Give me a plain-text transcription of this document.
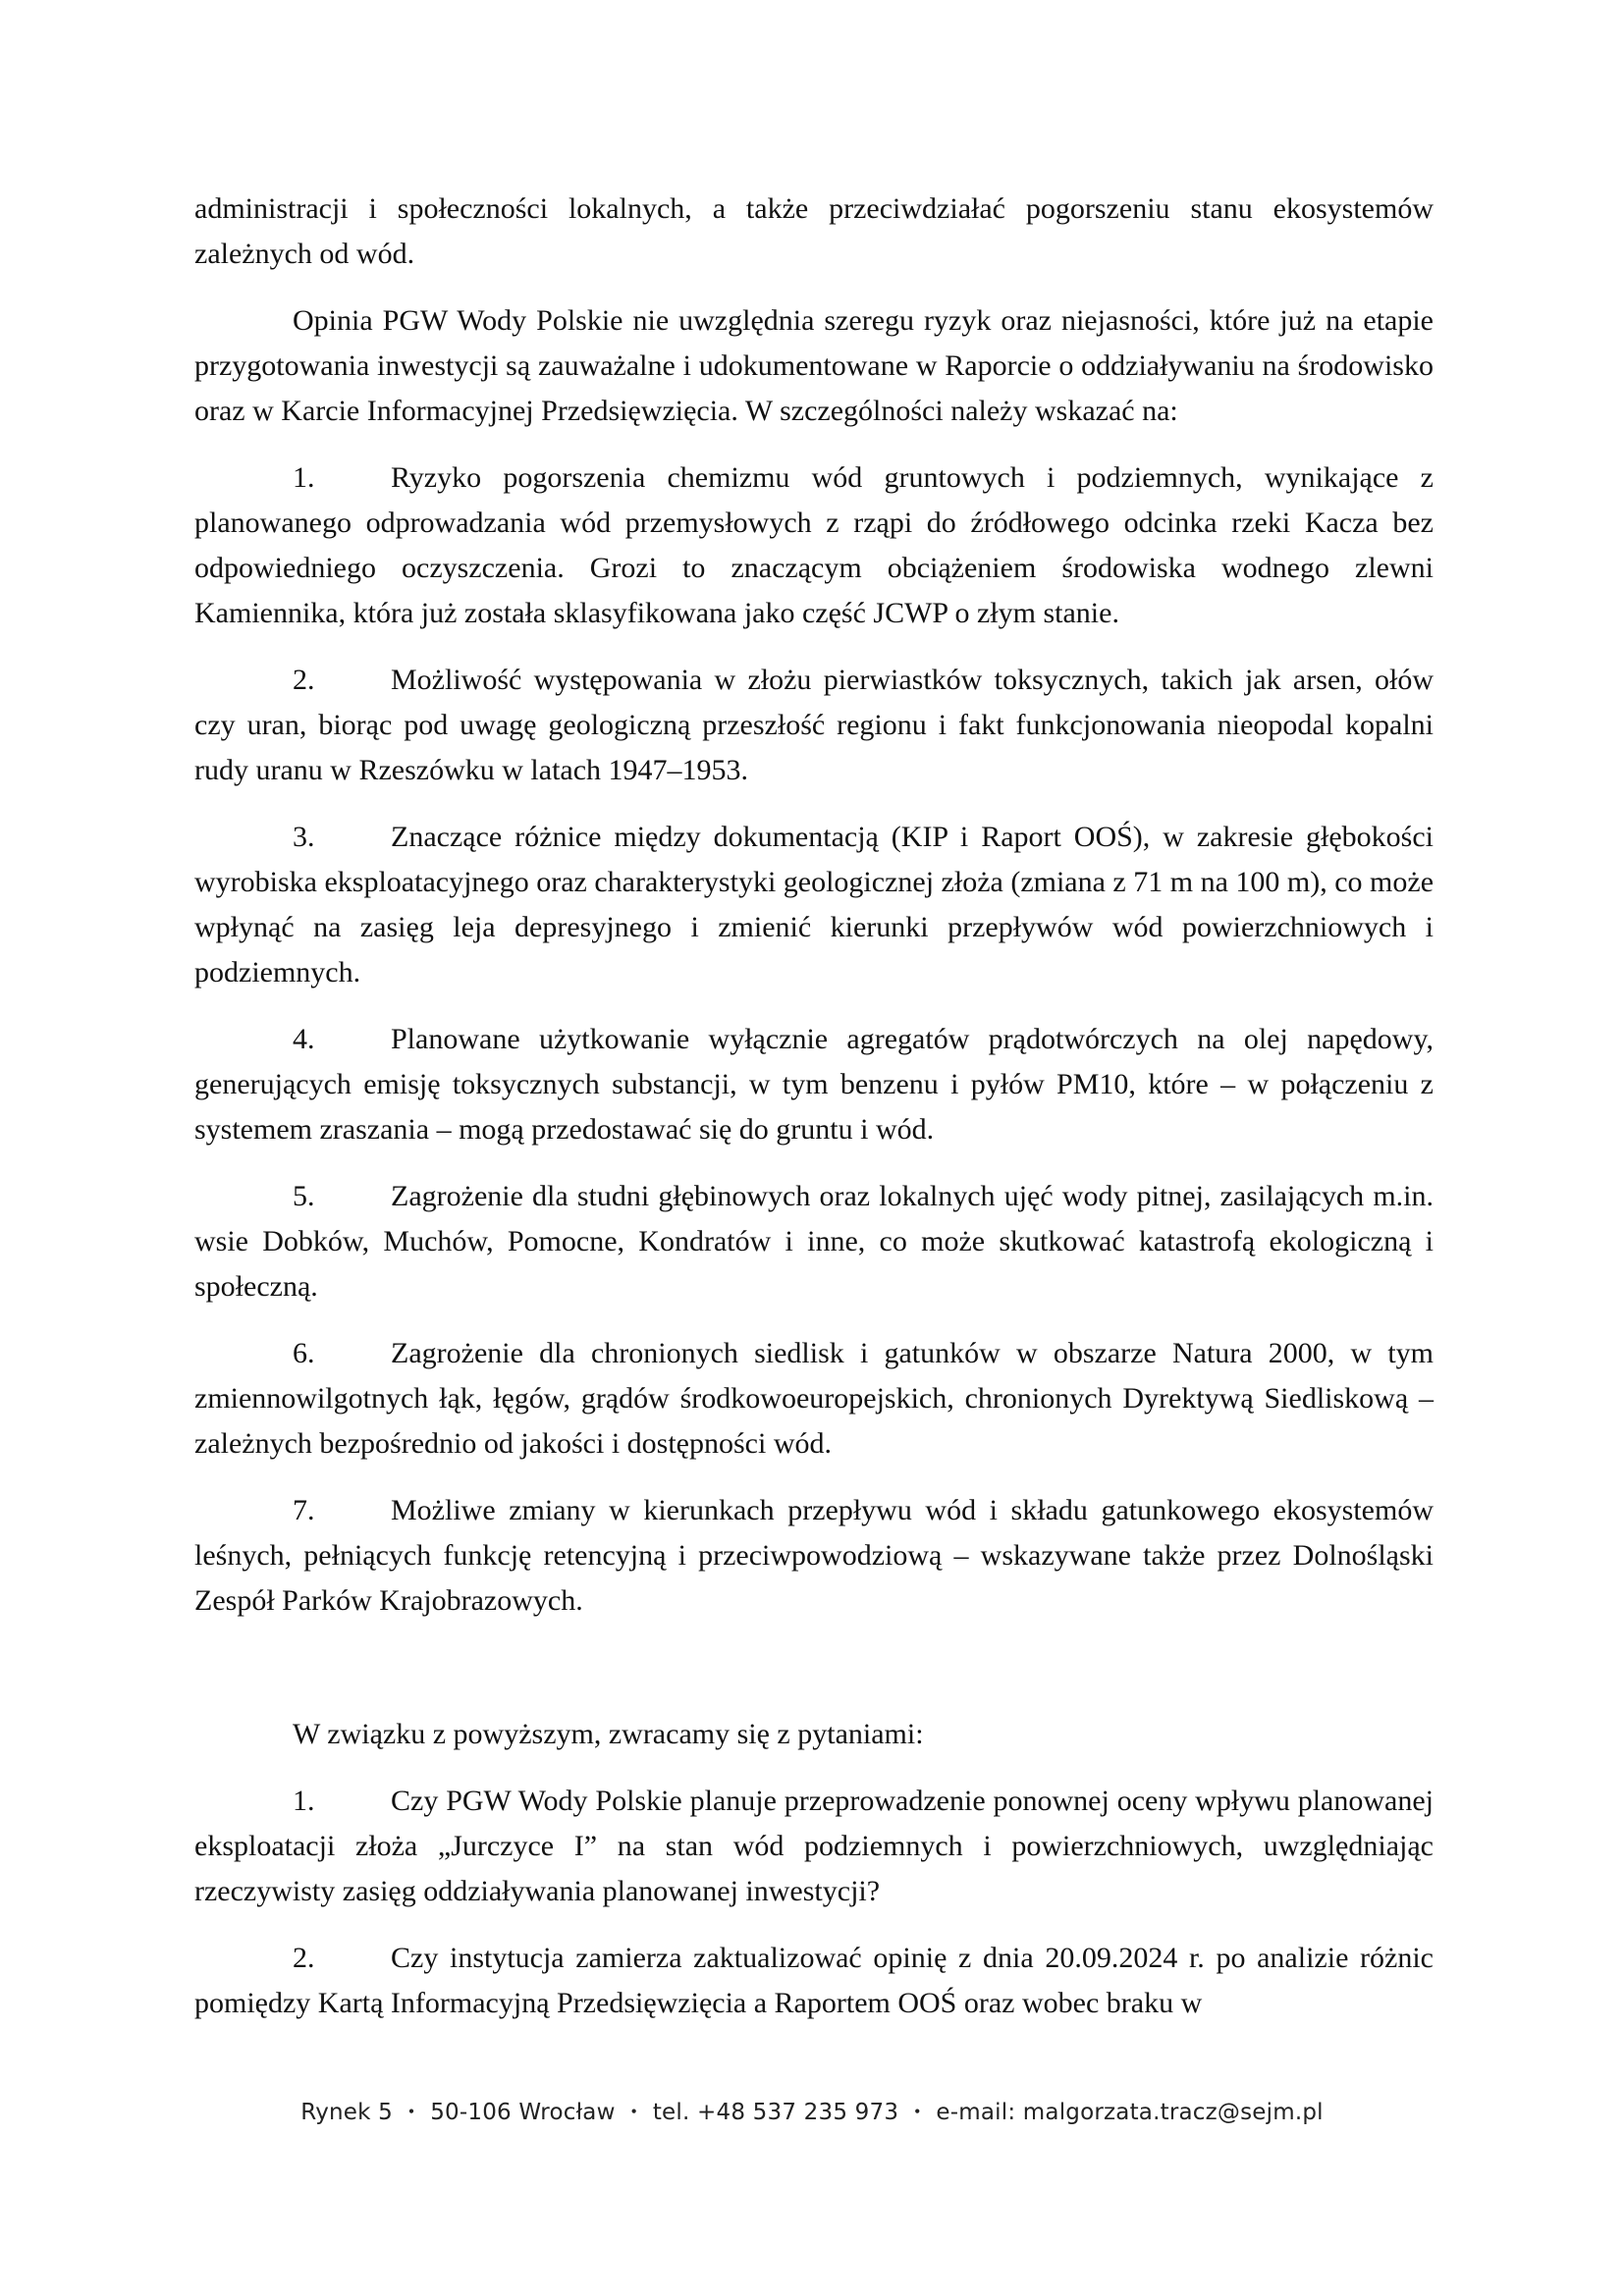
administracji i społeczności lokalnych, a także przeciwdziałać pogorszeniu stanu ekosystemów zależnych od wód.

Opinia PGW Wody Polskie nie uwzględnia szeregu ryzyk oraz niejasności, które już na etapie przygotowania inwestycji są zauważalne i udokumentowane w Raporcie o oddziaływaniu na środowisko oraz w Karcie Informacyjnej Przedsięwzięcia. W szczególności należy wskazać na:

1.	Ryzyko pogorszenia chemizmu wód gruntowych i podziemnych, wynikające z planowanego odprowadzania wód przemysłowych z rząpi do źródłowego odcinka rzeki Kacza bez odpowiedniego oczyszczenia. Grozi to znaczącym obciążeniem środowiska wodnego zlewni Kamiennika, która już została sklasyfikowana jako część JCWP o złym stanie.

2.	Możliwość występowania w złożu pierwiastków toksycznych, takich jak arsen, ołów czy uran, biorąc pod uwagę geologiczną przeszłość regionu i fakt funkcjonowania nieopodal kopalni rudy uranu w Rzeszówku w latach 1947–1953.

3.	Znaczące różnice między dokumentacją (KIP i Raport OOŚ), w zakresie głębokości wyrobiska eksploatacyjnego oraz charakterystyki geologicznej złoża (zmiana z 71 m na 100 m), co może wpłynąć na zasięg leja depresyjnego i zmienić kierunki przepływów wód powierzchniowych i podziemnych.

4.	Planowane użytkowanie wyłącznie agregatów prądotwórczych na olej napędowy, generujących emisję toksycznych substancji, w tym benzenu i pyłów PM10, które – w połączeniu z systemem zraszania – mogą przedostawać się do gruntu i wód.

5.	Zagrożenie dla studni głębinowych oraz lokalnych ujęć wody pitnej, zasilających m.in. wsie Dobków, Muchów, Pomocne, Kondratów i inne, co może skutkować katastrofą ekologiczną i społeczną.

6.	Zagrożenie dla chronionych siedlisk i gatunków w obszarze Natura 2000, w tym zmiennowilgotnych łąk, łęgów, grądów środkowoeuropejskich, chronionych Dyrektywą Siedliskową – zależnych bezpośrednio od jakości i dostępności wód.

7.	Możliwe zmiany w kierunkach przepływu wód i składu gatunkowego ekosystemów leśnych, pełniących funkcję retencyjną i przeciwpowodziową – wskazywane także przez Dolnośląski Zespół Parków Krajobrazowych.

W związku z powyższym, zwracamy się z pytaniami:

1.	Czy PGW Wody Polskie planuje przeprowadzenie ponownej oceny wpływu planowanej eksploatacji złoża „Jurczyce I” na stan wód podziemnych i powierzchniowych, uwzględniając rzeczywisty zasięg oddziaływania planowanej inwestycji?

2.	Czy instytucja zamierza zaktualizować opinię z dnia 20.09.2024 r. po analizie różnic pomiędzy Kartą Informacyjną Przedsięwzięcia a Raportem OOŚ oraz wobec braku w

Rynek 5 ・ 50-106 Wrocław ・ tel. +48 537 235 973 ・ e-mail: malgorzata.tracz@sejm.pl
